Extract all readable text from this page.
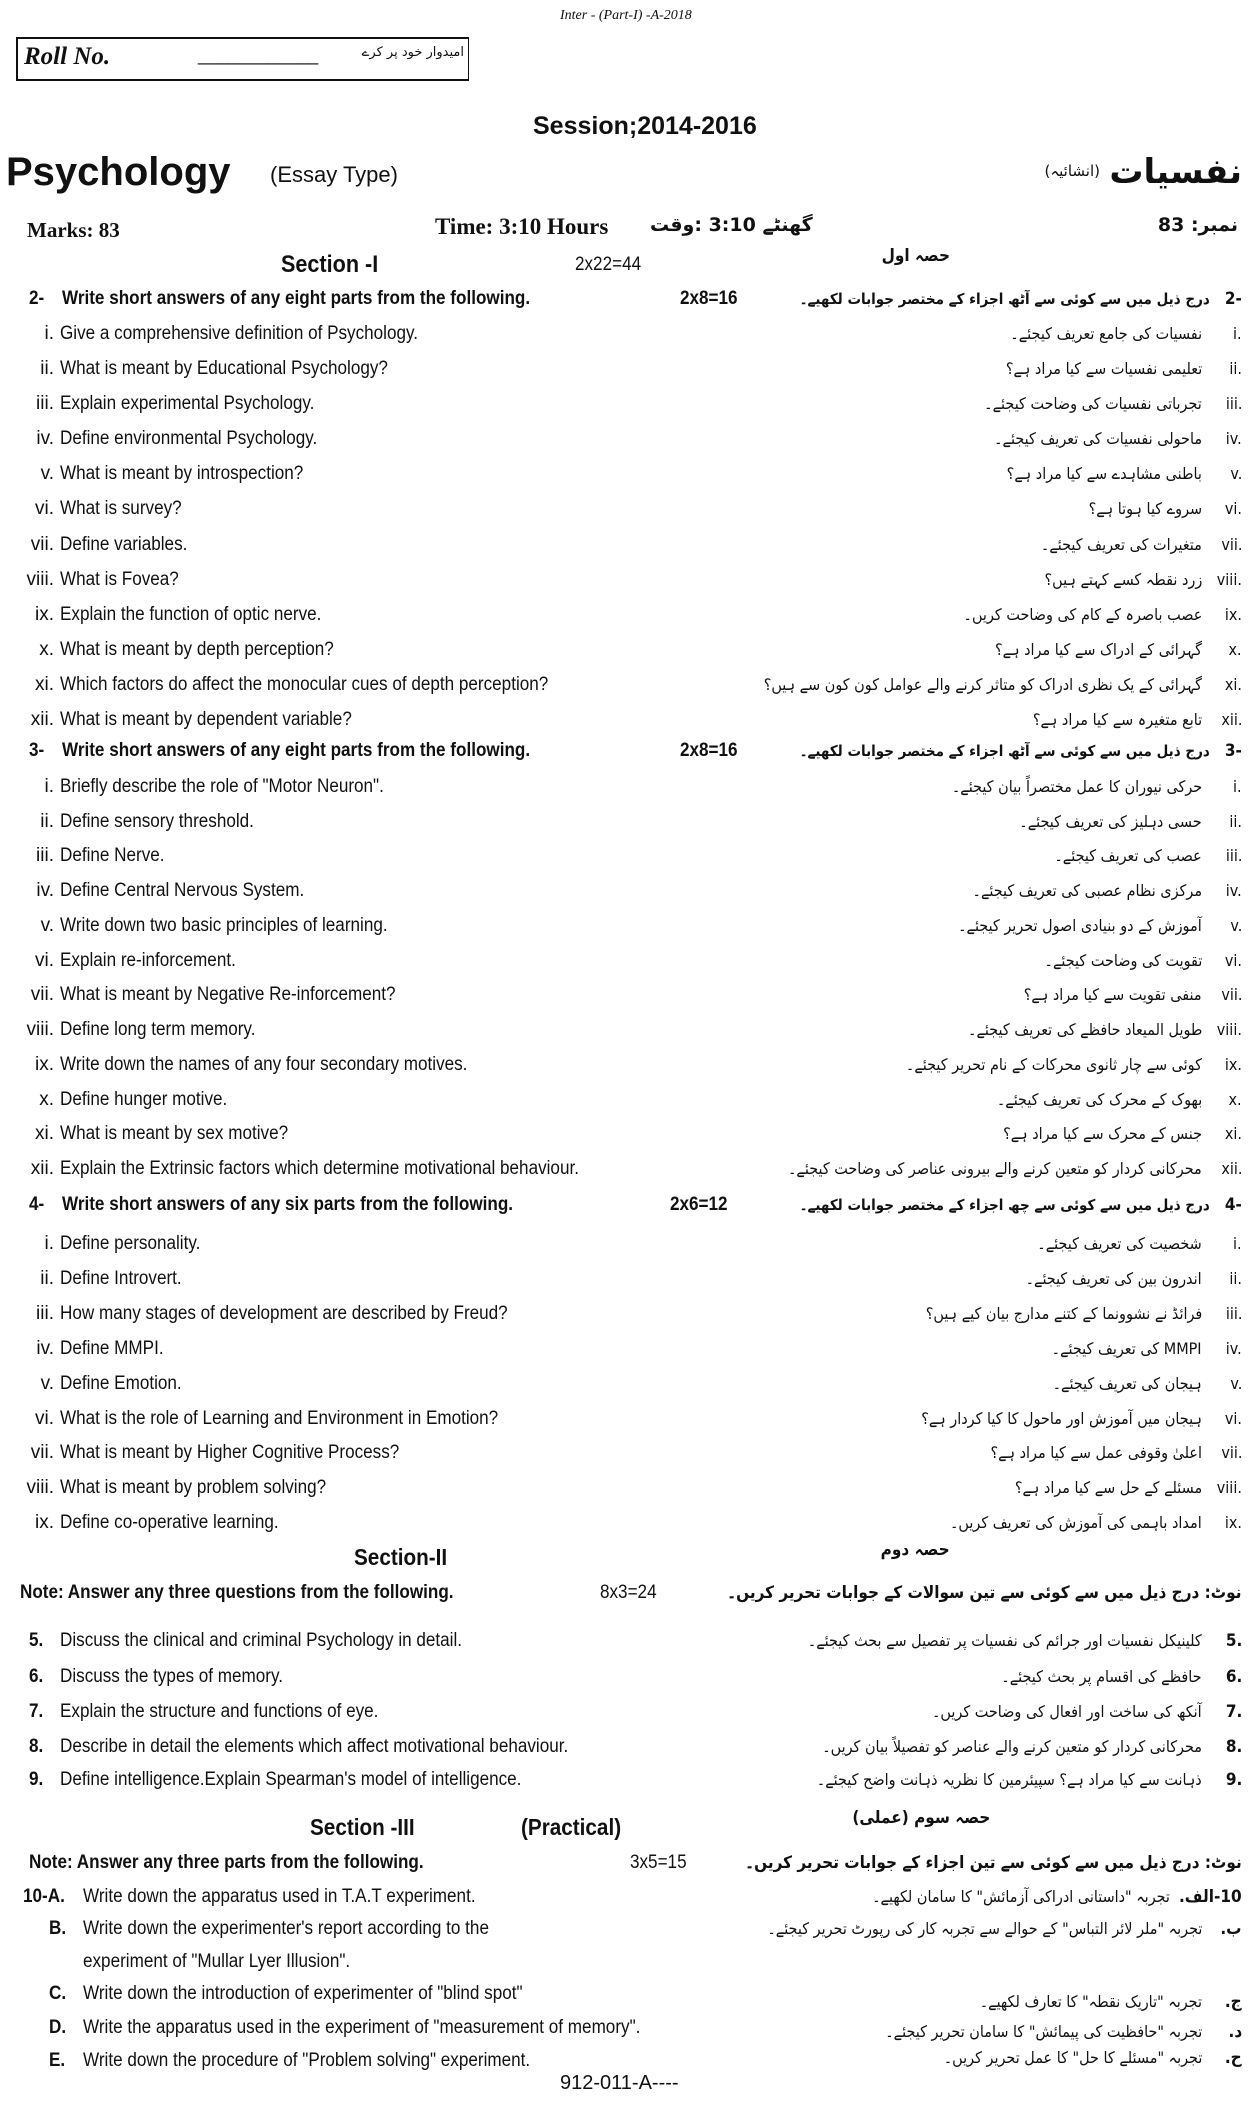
Inter - (Part-I) -A-2018
Roll No.	____________	امیدوار خود پر کرے
Session;2014-2016
Psychology (Essay Type)	نفسیات
(انشائیہ)
Marks: 83	Time: 3:10 Hours گھنٹے 3:10 :وقت	نمبر: 83
912-011-A----
Section -I	2x22=44	حصہ اول
2- Write short answers of any eight parts from the following.	2x8=16	-2
درج ذیل میں سے کوئی سے آٹھ اجزاء کے مختصر جوابات لکھیے۔
i. Give a comprehensive definition of Psychology.	i.
نفسیات کی جامع تعریف کیجئے۔
ii. What is meant by Educational Psychology?	ii.
تعلیمی نفسیات سے کیا مراد ہے؟
iii. Explain experimental Psychology.	iii.
تجرباتی نفسیات کی وضاحت کیجئے۔
iv. Define environmental Psychology.	iv.
ماحولی نفسیات کی تعریف کیجئے۔
v. What is meant by introspection?	v.
باطنی مشاہدے سے کیا مراد ہے؟
vi. What is survey?	vi.
سروے کیا ہوتا ہے؟
vii. Define variables.	vii.
متغیرات کی تعریف کیجئے۔
viii. What is Fovea?	viii.
زرد نقطہ کسے کہتے ہیں؟
ix. Explain the function of optic nerve.	ix.
عصب باصرہ کے کام کی وضاحت کریں۔
x. What is meant by depth perception?	x.
گہرائی کے ادراک سے کیا مراد ہے؟
xi. Which factors do affect the monocular cues of depth perception?	xi.
گہرائی کے یک نظری ادراک کو متاثر کرنے والے عوامل کون کون سے ہیں؟
xii. What is meant by dependent variable?	xii.
تابع متغیرہ سے کیا مراد ہے؟
3- Write short answers of any eight parts from the following.	2x8=16	-3
درج ذیل میں سے کوئی سے آٹھ اجزاء کے مختصر جوابات لکھیے۔
i. Briefly describe the role of "Motor Neuron".	i.
حرکی نیوران کا عمل مختصراً بیان کیجئے۔
ii. Define sensory threshold.	ii.
حسی دہلیز کی تعریف کیجئے۔
iii. Define Nerve.	iii.
عصب کی تعریف کیجئے۔
iv. Define Central Nervous System.	iv.
مرکزی نظام عصبی کی تعریف کیجئے۔
v. Write down two basic principles of learning.	v.
آموزش کے دو بنیادی اصول تحریر کیجئے۔
vi. Explain re-inforcement.	vi.
تقویت کی وضاحت کیجئے۔
vii. What is meant by Negative Re-inforcement?	vii.
منفی تقویت سے کیا مراد ہے؟
viii. Define long term memory.	viii.
طویل المیعاد حافظے کی تعریف کیجئے۔
ix. Write down the names of any four secondary motives.	ix.
کوئی سے چار ثانوی محرکات کے نام تحریر کیجئے۔
x. Define hunger motive.	x.
بھوک کے محرک کی تعریف کیجئے۔
xi. What is meant by sex motive?	xi.
جنس کے محرک سے کیا مراد ہے؟
xii. Explain the Extrinsic factors which determine motivational behaviour.	xii.
محرکانی کردار کو متعین کرنے والے بیرونی عناصر کی وضاحت کیجئے۔
4- Write short answers of any six parts from the following.	2x6=12	-4
درج ذیل میں سے کوئی سے چھ اجزاء کے مختصر جوابات لکھیے۔
i. Define personality.	i.
شخصیت کی تعریف کیجئے۔
ii. Define Introvert.	ii.
اندرون بین کی تعریف کیجئے۔
iii. How many stages of development are described by Freud?	iii.
فرائڈ نے نشوونما کے کتنے مدارج بیان کیے ہیں؟
iv. Define MMPI.	iv.
MMPI کی تعریف کیجئے۔
v. Define Emotion.	v.
ہیجان کی تعریف کیجئے۔
vi. What is the role of Learning and Environment in Emotion?	vi.
ہیجان میں آموزش اور ماحول کا کیا کردار ہے؟
vii. What is meant by Higher Cognitive Process?	vii.
اعلیٰ وقوفی عمل سے کیا مراد ہے؟
viii. What is meant by problem solving?	viii.
مسئلے کے حل سے کیا مراد ہے؟
ix. Define co-operative learning.	ix.
امداد باہمی کی آموزش کی تعریف کریں۔
Section-II	حصہ دوم
Note: Answer any three questions from the following.	8x3=24	نوٹ: درج ذیل میں سے کوئی سے تین سوالات کے جوابات تحریر کریں۔
5. Discuss the clinical and criminal Psychology in detail.	5.
کلینیکل نفسیات اور جرائم کی نفسیات پر تفصیل سے بحث کیجئے۔
6. Discuss the types of memory.	6.
حافظے کی اقسام پر بحث کیجئے۔
7. Explain the structure and functions of eye.	7.
آنکھ کی ساخت اور افعال کی وضاحت کریں۔
8. Describe in detail the elements which affect motivational behaviour.	8.
محرکانی کردار کو متعین کرنے والے عناصر کو تفصیلاً بیان کریں۔
9. Define intelligence.Explain Spearman's model of intelligence.	9.
ذہانت سے کیا مراد ہے؟ سپیئرمین کا نظریہ ذہانت واضح کیجئے۔
Section -III	(Practical)	حصہ سوم (عملی)
Note: Answer any three parts from the following.	3x5=15	نوٹ: درج ذیل میں سے کوئی سے تین اجزاء کے جوابات تحریر کریں۔
10-A. Write down the apparatus used in T.A.T experiment.	10-الف.
تجربہ "داستانی ادراکی آزمائش" کا سامان لکھیے۔
B. Write down the experimenter's report according to the
experiment of "Mullar Lyer Illusion".
ب.
تجربہ "ملر لائر التباس" کے حوالے سے تجربہ کار کی رپورٹ تحریر کیجئے۔
C. Write down the introduction of experimenter of "blind spot"	ج.
تجربہ "تاریک نقطہ" کا تعارف لکھیے۔
D. Write the apparatus used in the experiment of "measurement of memory".	د.
تجربہ "حافظیت کی پیمائش" کا سامان تحریر کیجئے۔
E. Write down the procedure of "Problem solving" experiment.	ح.
تجربہ "مسئلے کا حل" کا عمل تحریر کریں۔
